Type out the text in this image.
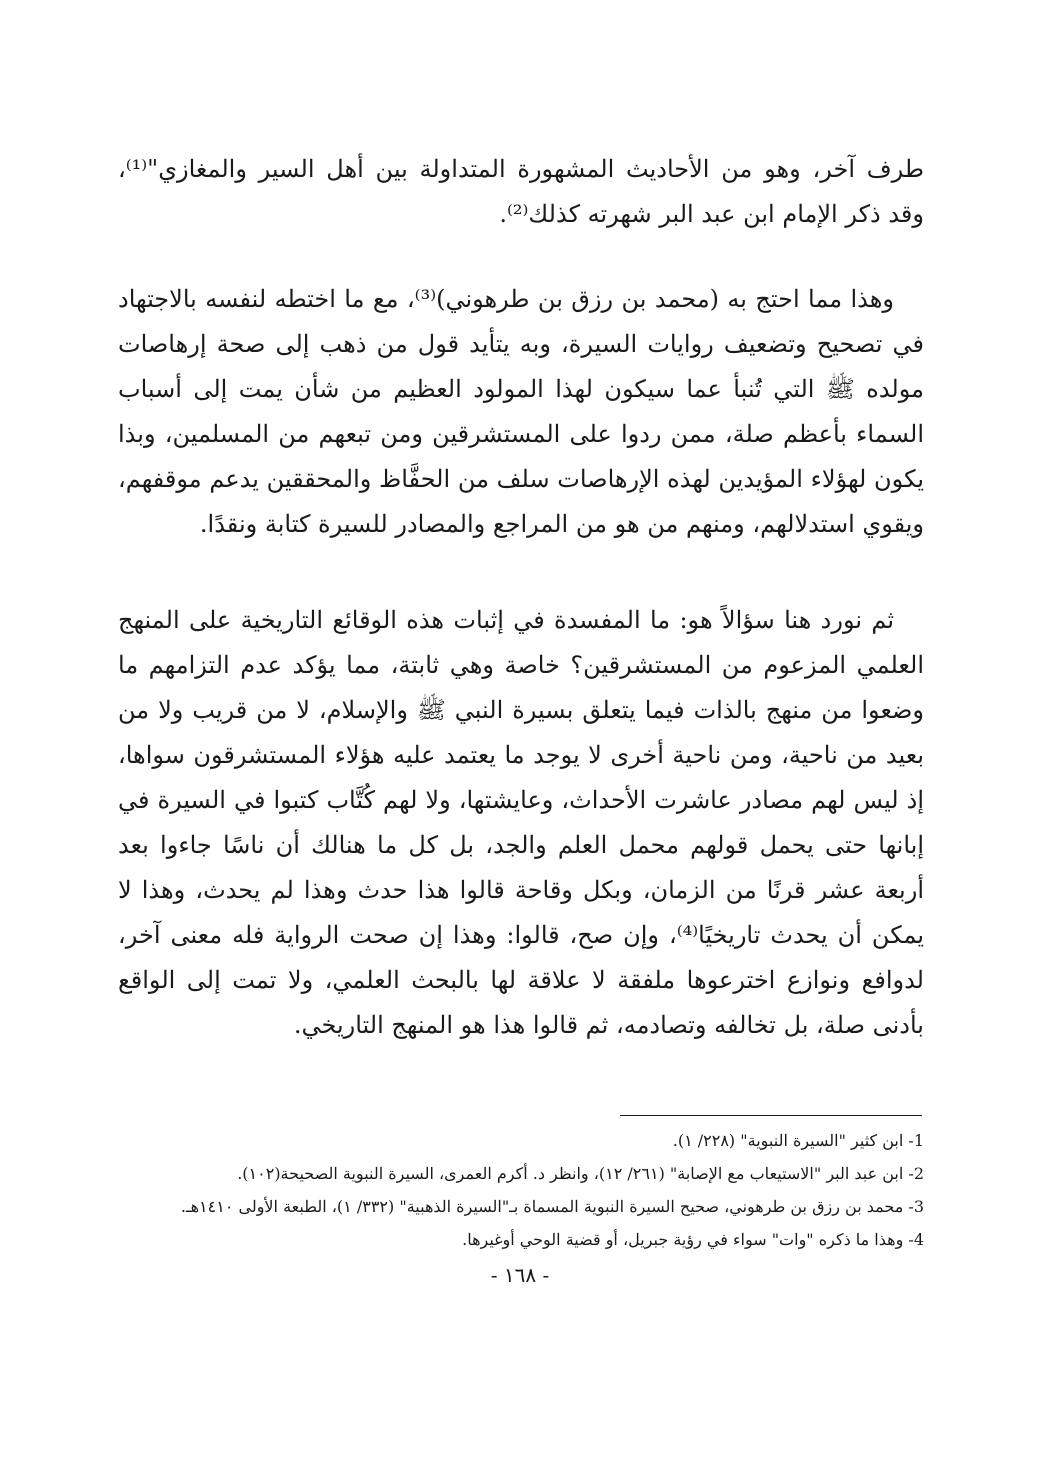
طرف آخر، وهو من الأحاديث المشهورة المتداولة بين أهل السير والمغازي"⁽¹⁾، وقد ذكر الإمام ابن عبد البر شهرته كذلك⁽²⁾.

وهذا مما احتج به (محمد بن رزق بن طرهوني)⁽³⁾، مع ما اختطه لنفسه بالاجتهاد في تصحيح وتضعيف روايات السيرة، وبه يتأيد قول من ذهب إلى صحة إرهاصات مولده ﷺ التي تُنبأ عما سيكون لهذا المولود العظيم من شأن يمت إلى أسباب السماء بأعظم صلة، ممن ردوا على المستشرقين ومن تبعهم من المسلمين، وبذا يكون لهؤلاء المؤيدين لهذه الإرهاصات سلف من الحفَّاظ والمحققين يدعم موقفهم، ويقوي استدلالهم، ومنهم من هو من المراجع والمصادر للسيرة كتابة ونقدًا.

ثم نورد هنا سؤالاً هو: ما المفسدة في إثبات هذه الوقائع التاريخية على المنهج العلمي المزعوم من المستشرقين؟ خاصة وهي ثابتة، مما يؤكد عدم التزامهم ما وضعوا من منهج بالذات فيما يتعلق بسيرة النبي ﷺ والإسلام، لا من قريب ولا من بعيد من ناحية، ومن ناحية أخرى لا يوجد ما يعتمد عليه هؤلاء المستشرقون سواها، إذ ليس لهم مصادر عاشرت الأحداث، وعايشتها، ولا لهم كُتَّاب كتبوا في السيرة في إبانها حتى يحمل قولهم محمل العلم والجد، بل كل ما هنالك أن ناسًا جاءوا بعد أربعة عشر قرنًا من الزمان، وبكل وقاحة قالوا هذا حدث وهذا لم يحدث، وهذا لا يمكن أن يحدث تاريخيًا⁽⁴⁾، وإن صح، قالوا: وهذا إن صحت الرواية فله معنى آخر، لدوافع ونوازع اخترعوها ملفقة لا علاقة لها بالبحث العلمي، ولا تمت إلى الواقع بأدنى صلة، بل تخالفه وتصادمه، ثم قالوا هذا هو المنهج التاريخي.

1- ابن كثير "السيرة النبوية" (٢٢٨/ ١).

2- ابن عبد البر "الاستيعاب مع الإصابة" (٢٦١/ ١٢)، وانظر د. أكرم العمرى، السيرة النبوية الصحيحة(١٠٢).

3- محمد بن رزق بن طرهوني، صحيح السيرة النبوية المسماة بـ"السيرة الذهبية" (٣٣٢/ ١)، الطبعة الأولى ١٤١٠هـ.

4- وهذا ما ذكره "وات" سواء في رؤية جبريل، أو قضية الوحي أوغيرها.

- ١٦٨ -
